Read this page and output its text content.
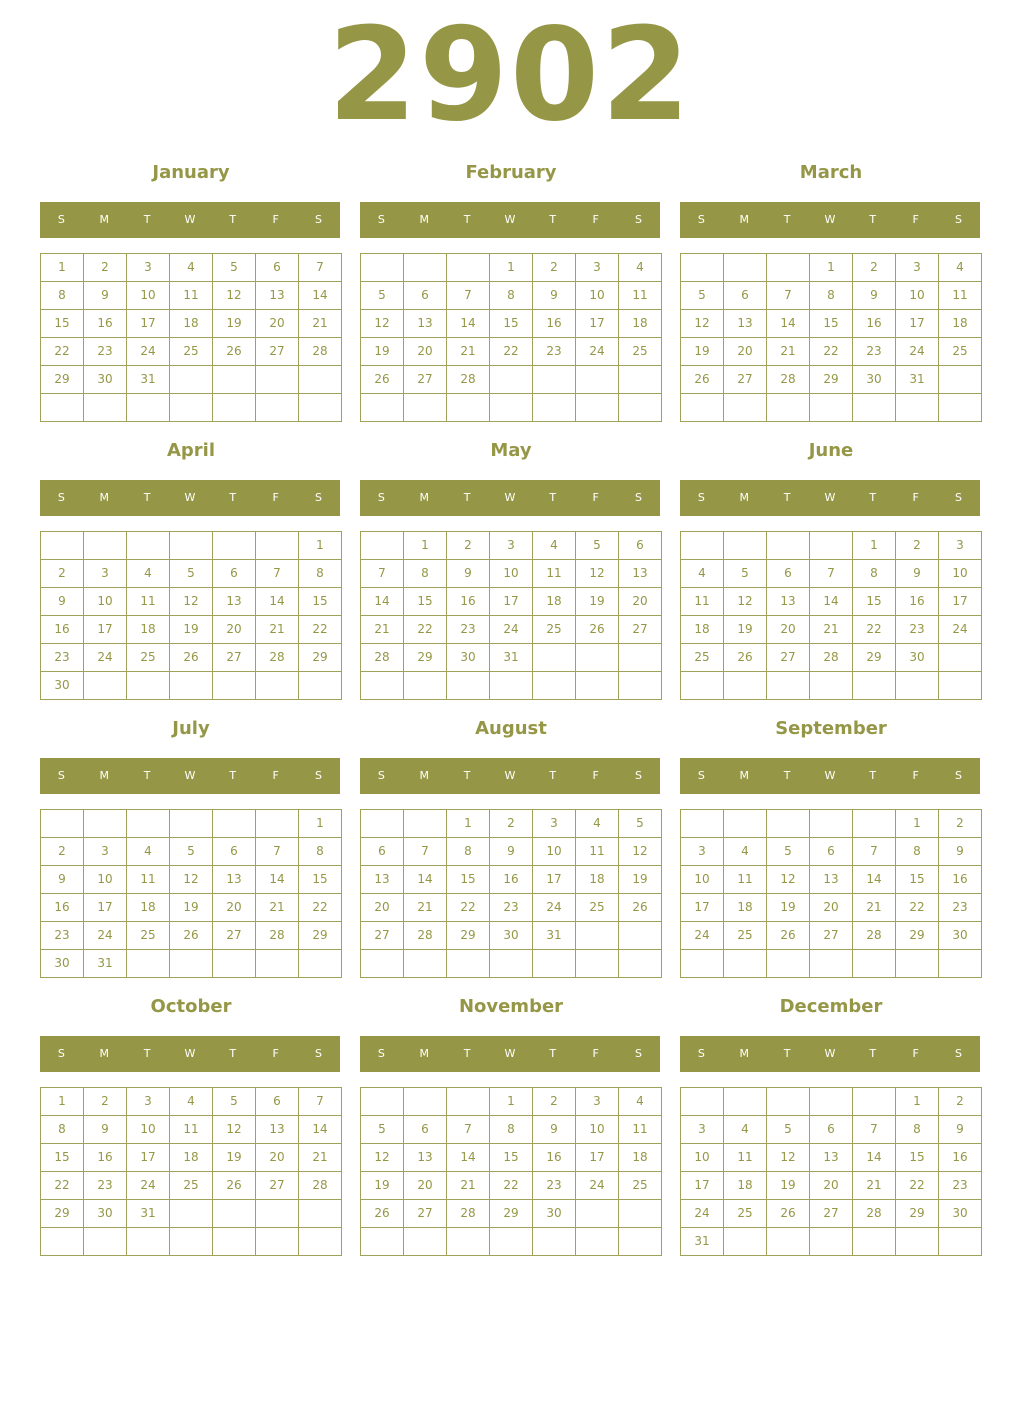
2902
January
S	M	T	W	T	F	S
1	2	3	4	5	6	7
8	9	10	11	12	13	14
15	16	17	18	19	20	21
22	23	24	25	26	27	28
29	30	31				

February
S	M	T	W	T	F	S
			1	2	3	4
5	6	7	8	9	10	11
12	13	14	15	16	17	18
19	20	21	22	23	24	25
26	27	28				

March
S	M	T	W	T	F	S
			1	2	3	4
5	6	7	8	9	10	11
12	13	14	15	16	17	18
19	20	21	22	23	24	25
26	27	28	29	30	31	

April
S	M	T	W	T	F	S
						1
2	3	4	5	6	7	8
9	10	11	12	13	14	15
16	17	18	19	20	21	22
23	24	25	26	27	28	29
30						
May
S	M	T	W	T	F	S
	1	2	3	4	5	6
7	8	9	10	11	12	13
14	15	16	17	18	19	20
21	22	23	24	25	26	27
28	29	30	31			

June
S	M	T	W	T	F	S
				1	2	3
4	5	6	7	8	9	10
11	12	13	14	15	16	17
18	19	20	21	22	23	24
25	26	27	28	29	30	

July
S	M	T	W	T	F	S
						1
2	3	4	5	6	7	8
9	10	11	12	13	14	15
16	17	18	19	20	21	22
23	24	25	26	27	28	29
30	31					
August
S	M	T	W	T	F	S
		1	2	3	4	5
6	7	8	9	10	11	12
13	14	15	16	17	18	19
20	21	22	23	24	25	26
27	28	29	30	31		

September
S	M	T	W	T	F	S
					1	2
3	4	5	6	7	8	9
10	11	12	13	14	15	16
17	18	19	20	21	22	23
24	25	26	27	28	29	30

October
S	M	T	W	T	F	S
1	2	3	4	5	6	7
8	9	10	11	12	13	14
15	16	17	18	19	20	21
22	23	24	25	26	27	28
29	30	31				

November
S	M	T	W	T	F	S
			1	2	3	4
5	6	7	8	9	10	11
12	13	14	15	16	17	18
19	20	21	22	23	24	25
26	27	28	29	30		

December
S	M	T	W	T	F	S
					1	2
3	4	5	6	7	8	9
10	11	12	13	14	15	16
17	18	19	20	21	22	23
24	25	26	27	28	29	30
31						
